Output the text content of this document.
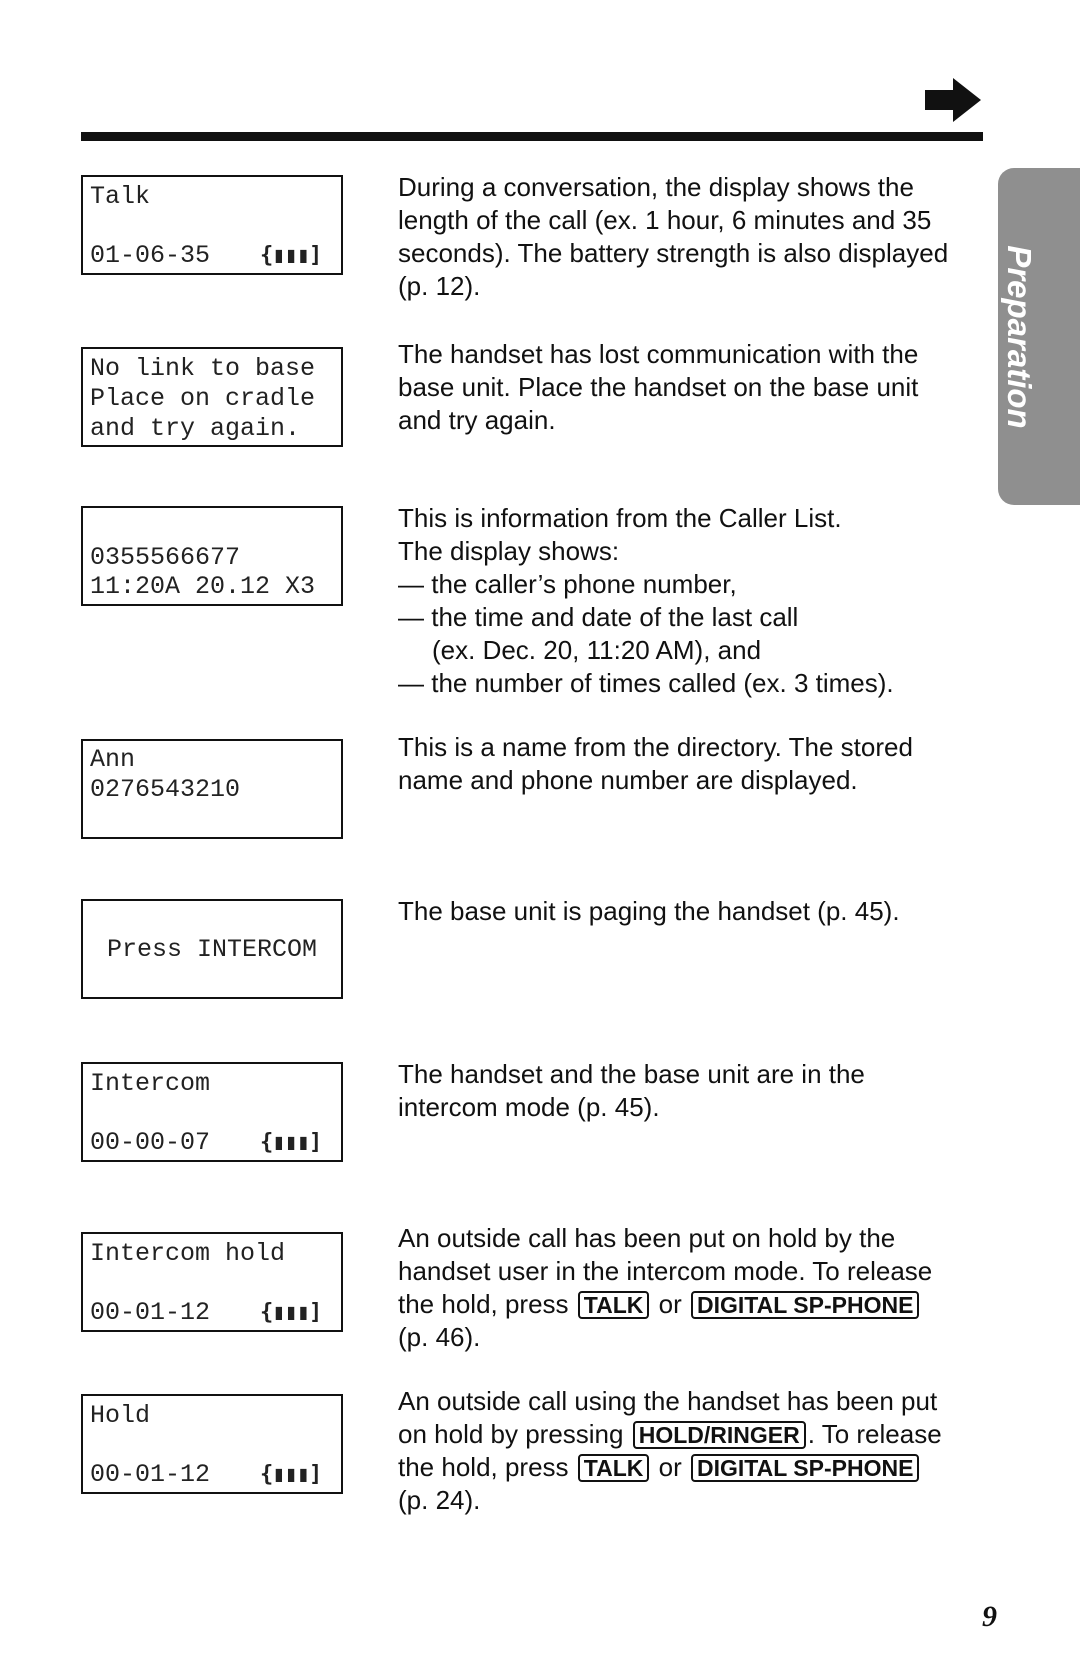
Preparation

Talk

01-06-35

{▮▮▮]

During a conversation, the display shows the

length of the call (ex. 1 hour, 6 minutes and 35

seconds). The battery strength is also displayed

(p. 12).

No link to base

Place on cradle

and try again.

The handset has lost communication with the

base unit. Place the handset on the base unit

and try again.

0355566677

11:20A 20.12 X3

This is information from the Caller List.

The display shows:

— the caller’s phone number,

— the time and date of the last call

(ex. Dec. 20, 11:20 AM), and

— the number of times called (ex. 3 times).

Ann

0276543210

This is a name from the directory. The stored

name and phone number are displayed.

Press INTERCOM

The base unit is paging the handset (p. 45).

Intercom

00-00-07

{▮▮▮]

The handset and the base unit are in the

intercom mode (p. 45).

Intercom hold

00-01-12

{▮▮▮]

An outside call has been put on hold by the

handset user in the intercom mode. To release

the hold, press TALK or DIGITAL SP-PHONE

(p. 46).

Hold

00-01-12

{▮▮▮]

An outside call using the handset has been put

on hold by pressing HOLD/RINGER . To release

the hold, press TALK or DIGITAL SP-PHONE

(p. 24).

9
